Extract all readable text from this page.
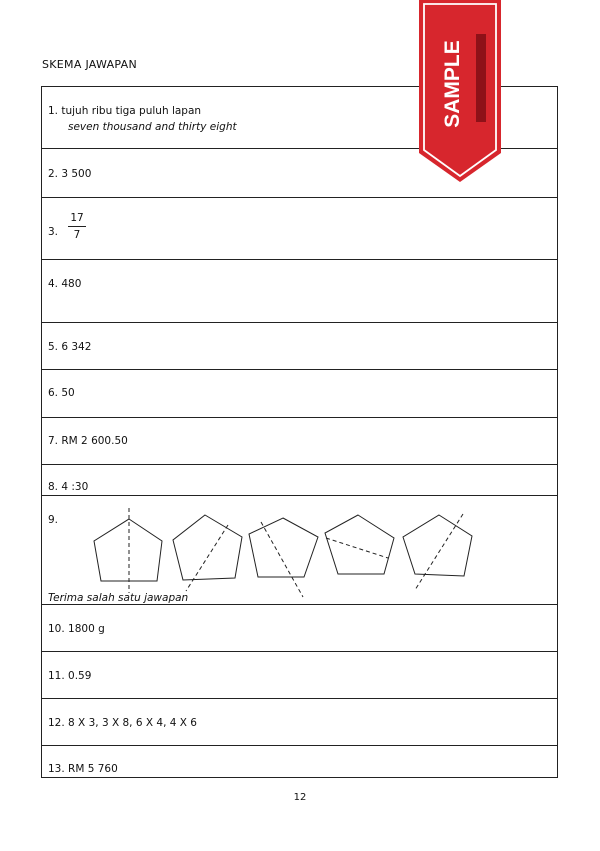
SKEMA JAWAPAN
1. tujuh ribu tiga puluh lapan
seven thousand and thirty eight
2. 3 500
3. $\frac{17}{7}$
4. 480
5. 6 342
6. 50
7. RM 2 600.50
8. 4 :30
9.
Terima salah satu jawapan
10. 1800 g
11. 0.59
12. 8 X 3, 3 X 8, 6 X 4, 4 X 6
13. RM 5 760
SAMPLE
12
